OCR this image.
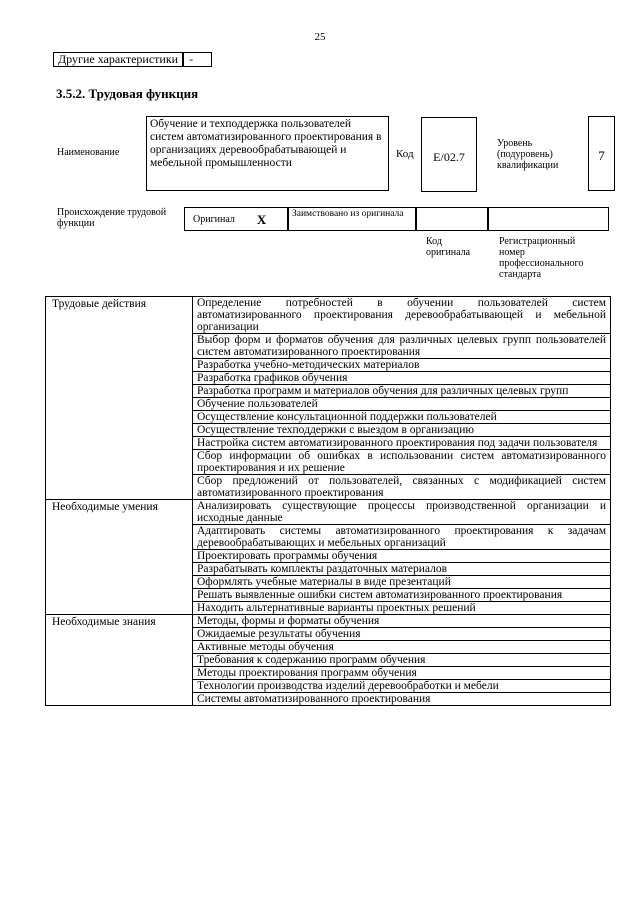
25
Другие характеристики -
3.5.2. Трудовая функция
Наименование
Обучение и техподдержка пользователей систем автоматизированного проектирования в организациях деревообрабатывающей и мебельной промышленности
Код	E/02.7
Уровень (подуровень) квалификации
7
Происхождение трудовой функции	Оригинал X	Заимствовано из оригинала
Код оригинала
Регистрационный номер профессионального стандарта
Трудовые действия	Определение потребностей в обучении пользователей систем автоматизированного проектирования деревообрабатывающей и мебельной организации
	Выбор форм и форматов обучения для различных целевых групп пользователей систем автоматизированного проектирования
	Разработка учебно-методических материалов
	Разработка графиков обучения
	Разработка программ и материалов обучения для различных целевых групп
	Обучение пользователей
	Осуществление консультационной поддержки пользователей
	Осуществление техподдержки с выездом в организацию
	Настройка систем автоматизированного проектирования под задачи пользователя
	Сбор информации об ошибках в использовании систем автоматизированного проектирования и их решение
	Сбор предложений от пользователей, связанных с модификацией систем автоматизированного проектирования
Необходимые умения	Анализировать существующие процессы производственной организации и исходные данные
	Адаптировать системы автоматизированного проектирования к задачам деревообрабатывающих и мебельных организаций
	Проектировать программы обучения
	Разрабатывать комплекты раздаточных материалов
	Оформлять учебные материалы в виде презентаций
	Решать выявленные ошибки систем автоматизированного проектирования
	Находить альтернативные варианты проектных решений
Необходимые знания	Методы, формы и форматы обучения
	Ожидаемые результаты обучения
	Активные методы обучения
	Требования к содержанию программ обучения
	Методы проектирования программ обучения
	Технологии производства изделий деревообработки и мебели
	Системы автоматизированного проектирования
